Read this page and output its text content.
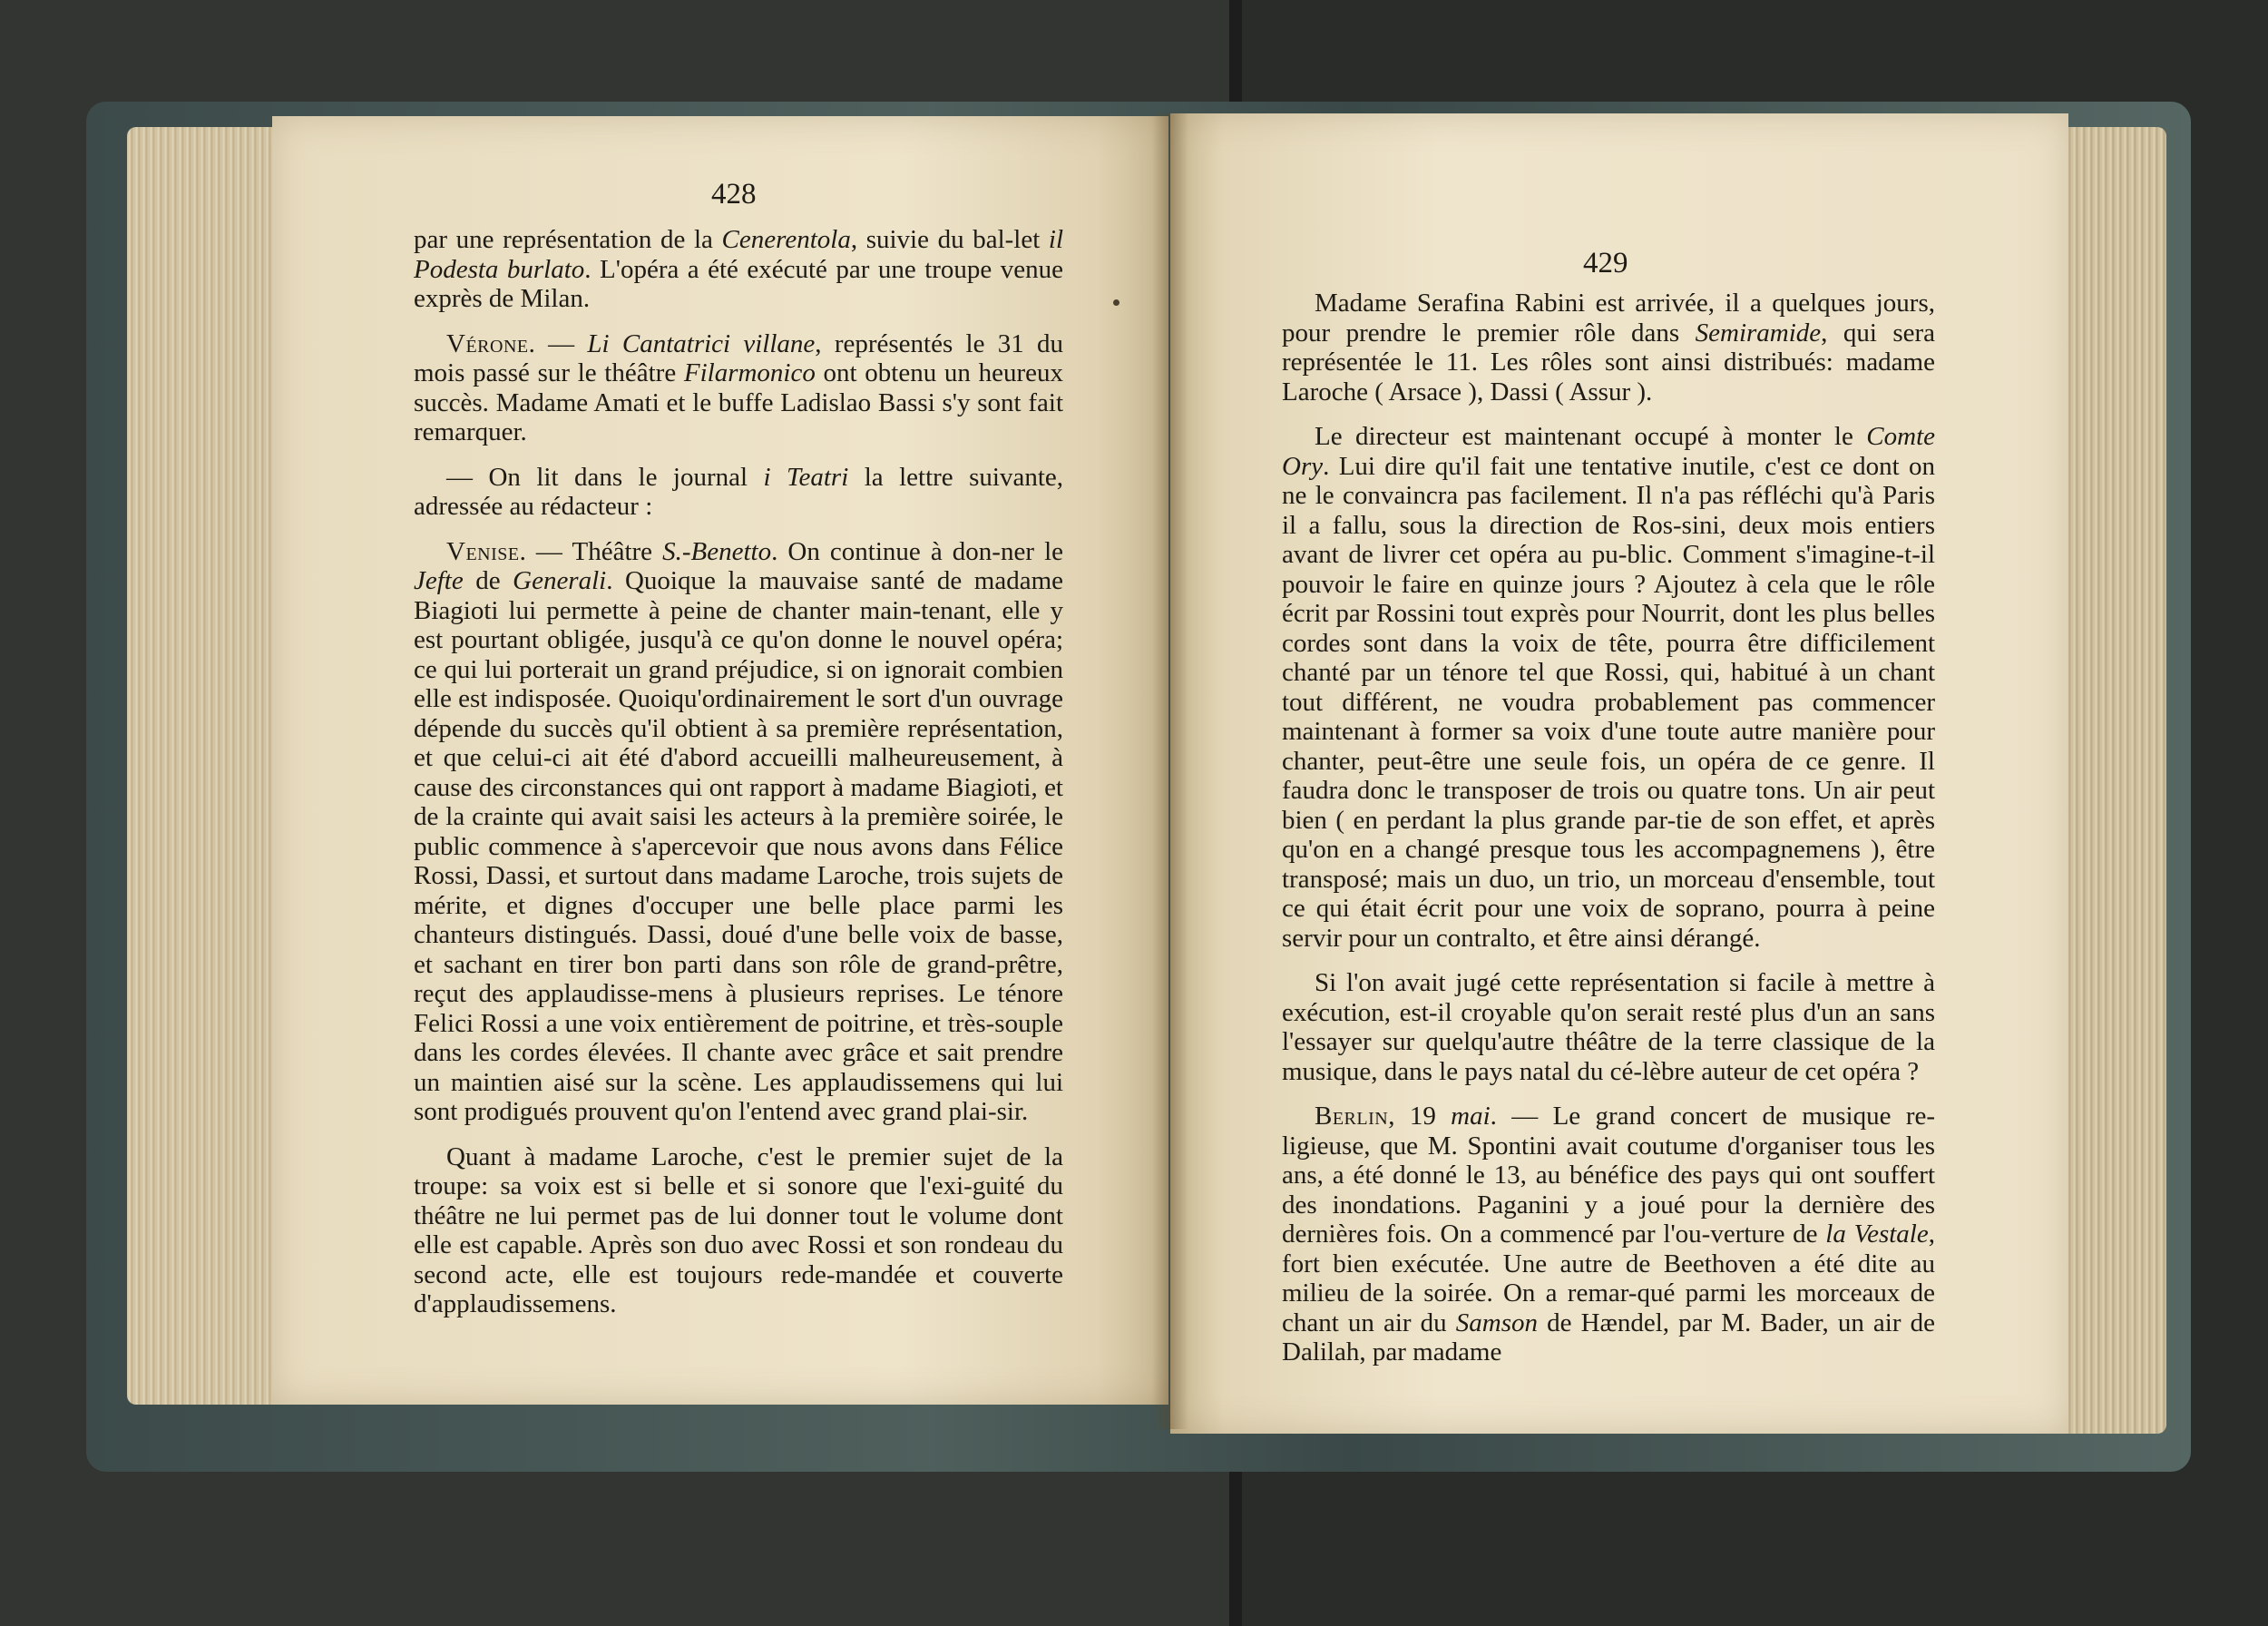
428
429

par une représentation de la Cenerentola, suivie du bal-let il Podesta burlato. L'opéra a été exécuté par une troupe venue exprès de Milan.

Vérone. — Li Cantatrici villane, représentés le 31 du mois passé sur le théâtre Filarmonico ont obtenu un heureux succès. Madame Amati et le buffe Ladislao Bassi s'y sont fait remarquer.

— On lit dans le journal i Teatri la lettre suivante, adressée au rédacteur :

Venise. — Théâtre S.-Benetto. On continue à don-ner le Jefte de Generali. Quoique la mauvaise santé de madame Biagioti lui permette à peine de chanter main-tenant, elle y est pourtant obligée, jusqu'à ce qu'on donne le nouvel opéra; ce qui lui porterait un grand préjudice, si on ignorait combien elle est indisposée. Quoiqu'ordinairement le sort d'un ouvrage dépende du succès qu'il obtient à sa première représentation, et que celui-ci ait été d'abord accueilli malheureusement, à cause des circonstances qui ont rapport à madame Biagioti, et de la crainte qui avait saisi les acteurs à la première soirée, le public commence à s'apercevoir que nous avons dans Félice Rossi, Dassi, et surtout dans madame Laroche, trois sujets de mérite, et dignes d'occuper une belle place parmi les chanteurs distingués. Dassi, doué d'une belle voix de basse, et sachant en tirer bon parti dans son rôle de grand-prêtre, reçut des applaudisse-mens à plusieurs reprises. Le ténore Felici Rossi a une voix entièrement de poitrine, et très-souple dans les cordes élevées. Il chante avec grâce et sait prendre un maintien aisé sur la scène. Les applaudissemens qui lui sont prodigués prouvent qu'on l'entend avec grand plai-sir.

Quant à madame Laroche, c'est le premier sujet de la troupe: sa voix est si belle et si sonore que l'exi-guité du théâtre ne lui permet pas de lui donner tout le volume dont elle est capable. Après son duo avec Rossi et son rondeau du second acte, elle est toujours rede-mandée et couverte d'applaudissemens.

Madame Serafina Rabini est arrivée, il a quelques jours, pour prendre le premier rôle dans Semiramide, qui sera représentée le 11. Les rôles sont ainsi distribués: madame Laroche ( Arsace ), Dassi ( Assur ).

Le directeur est maintenant occupé à monter le Comte Ory. Lui dire qu'il fait une tentative inutile, c'est ce dont on ne le convaincra pas facilement. Il n'a pas réfléchi qu'à Paris il a fallu, sous la direction de Ros-sini, deux mois entiers avant de livrer cet opéra au pu-blic. Comment s'imagine-t-il pouvoir le faire en quinze jours ? Ajoutez à cela que le rôle écrit par Rossini tout exprès pour Nourrit, dont les plus belles cordes sont dans la voix de tête, pourra être difficilement chanté par un ténore tel que Rossi, qui, habitué à un chant tout différent, ne voudra probablement pas commencer maintenant à former sa voix d'une toute autre manière pour chanter, peut-être une seule fois, un opéra de ce genre. Il faudra donc le transposer de trois ou quatre tons. Un air peut bien ( en perdant la plus grande par-tie de son effet, et après qu'on en a changé presque tous les accompagnemens ), être transposé; mais un duo, un trio, un morceau d'ensemble, tout ce qui était écrit pour une voix de soprano, pourra à peine servir pour un contralto, et être ainsi dérangé.

Si l'on avait jugé cette représentation si facile à mettre à exécution, est-il croyable qu'on serait resté plus d'un an sans l'essayer sur quelqu'autre théâtre de la terre classique de la musique, dans le pays natal du cé-lèbre auteur de cet opéra ?

Berlin, 19 mai. — Le grand concert de musique re-ligieuse, que M. Spontini avait coutume d'organiser tous les ans, a été donné le 13, au bénéfice des pays qui ont souffert des inondations. Paganini y a joué pour la dernière des dernières fois. On a commencé par l'ou-verture de la Vestale, fort bien exécutée. Une autre de Beethoven a été dite au milieu de la soirée. On a remar-qué parmi les morceaux de chant un air du Samson de Hændel, par M. Bader, un air de Dalilah, par madame
